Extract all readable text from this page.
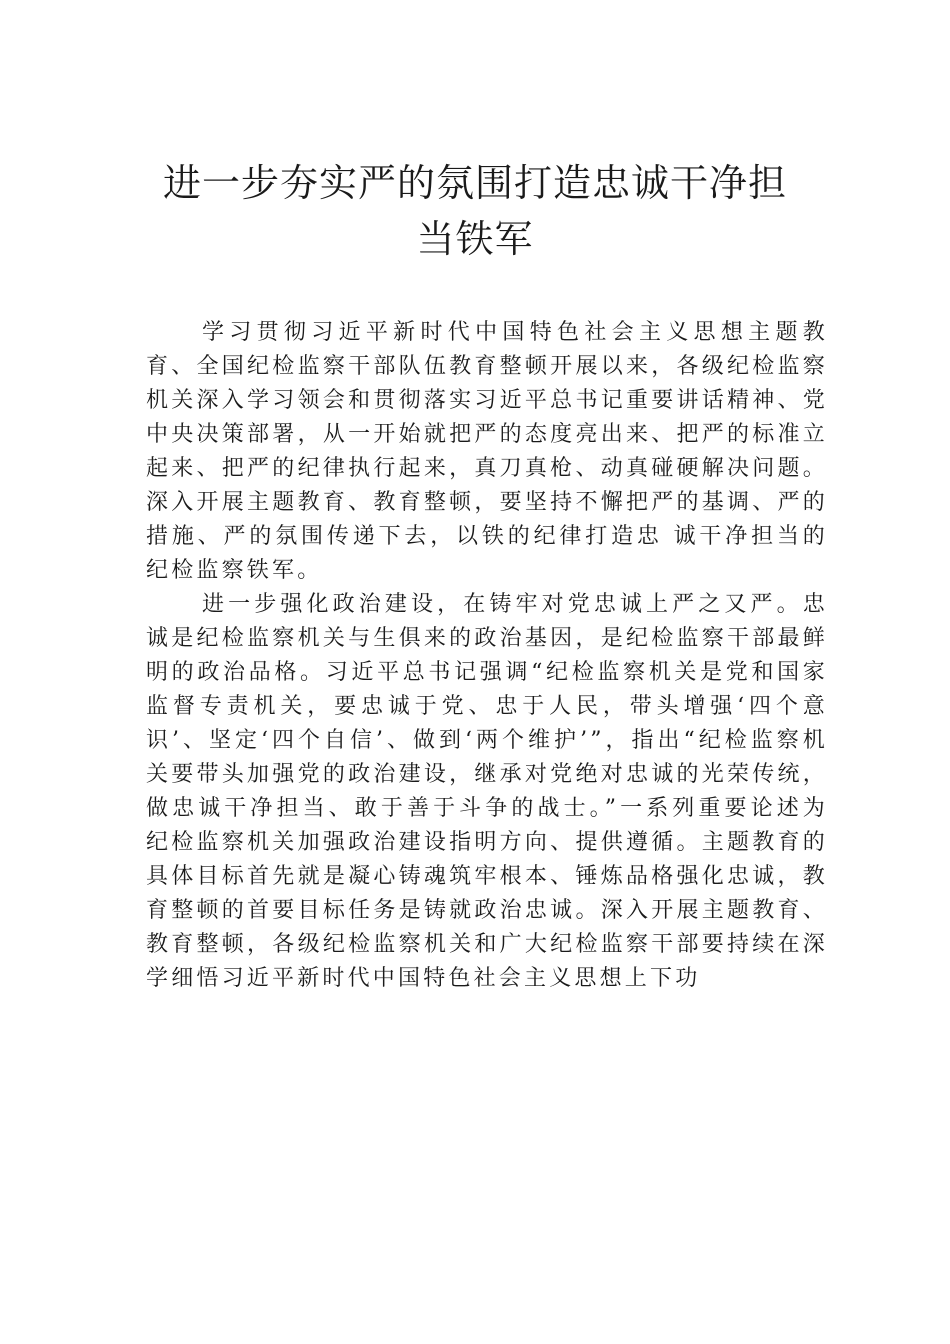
进一步夯实严的氛围打造忠诚干净担当铁军

学习贯彻习近平新时代中国特色社会主义思想主题教育、全国纪检监察干部队伍教育整顿开展以来，各级纪检监察机关深入学习领会和贯彻落实习近平总书记重要讲话精神、党中央决策部署，从一开始就把严的态度亮出来、把严的标准立起来、把严的纪律执行起来，真刀真枪、动真碰硬解决问题。深入开展主题教育、教育整顿，要坚持不懈把严的基调、严的措施、严的氛围传递下去，以铁的纪律打造忠 诚干净担当的纪检监察铁军。

进一步强化政治建设，在铸牢对党忠诚上严之又严。忠诚是纪检监察机关与生俱来的政治基因，是纪检监察干部最鲜明的政治品格。习近平总书记强调“纪检监察机关是党和国家监督专责机关，要忠诚于党、忠于人民，带头增强‘四个意识’、坚定‘四个自信’、做到‘两个维护’”，指出“纪检监察机关要带头加强党的政治建设，继承对党绝对忠诚的光荣传统，做忠诚干净担当、敢于善于斗争的战士。”一系列重要论述为纪检监察机关加强政治建设指明方向、提供遵循。主题教育的具体目标首先就是凝心铸魂筑牢根本、锤炼品格强化忠诚，教育整顿的首要目标任务是铸就政治忠诚。深入开展主题教育、教育整顿，各级纪检监察机关和广大纪检监察干部要持续在深学细悟习近平新时代中国特色社会主义思想上下功
